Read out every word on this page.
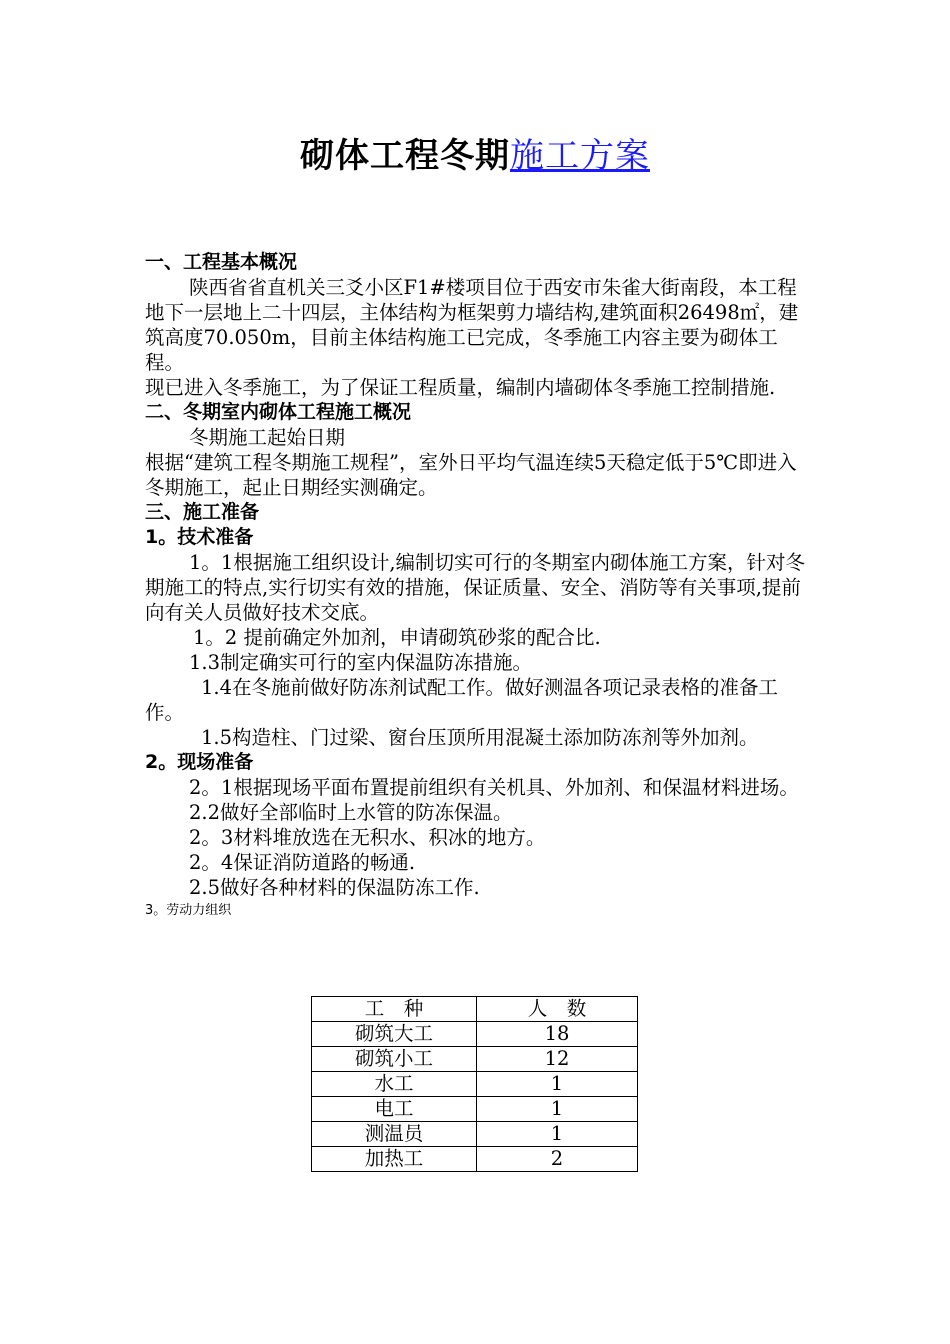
砌体工程冬期施工方案

一、工程基本概况

陕西省省直机关三爻小区F1#楼项目位于西安市朱雀大街南段，本工程地下一层地上二十四层，主体结构为框架剪力墙结构,建筑面积26498㎡，建筑高度70.050m，目前主体结构施工已完成，冬季施工内容主要为砌体工程。

现已进入冬季施工，为了保证工程质量，编制内墙砌体冬季施工控制措施.

二、冬期室内砌体工程施工概况

冬期施工起始日期

根据“建筑工程冬期施工规程”，室外日平均气温连续5天稳定低于5℃即进入冬期施工，起止日期经实测确定。

三、施工准备

1。技术准备

1。1根据施工组织设计,编制切实可行的冬期室内砌体施工方案，针对冬期施工的特点,实行切实有效的措施，保证质量、安全、消防等有关事项,提前向有关人员做好技术交底。

1。2 提前确定外加剂，申请砌筑砂浆的配合比.

1.3制定确实可行的室内保温防冻措施。

1.4在冬施前做好防冻剂试配工作。做好测温各项记录表格的准备工作。

1.5构造柱、门过梁、窗台压顶所用混凝土添加防冻剂等外加剂。

2。现场准备

2。1根据现场平面布置提前组织有关机具、外加剂、和保温材料进场。

2.2做好全部临时上水管的防冻保温。

2。3材料堆放选在无积水、积冰的地方。

2。4保证消防道路的畅通.

2.5做好各种材料的保温防冻工作.

3。劳动力组织

工　种	人　数
砌筑大工	18
砌筑小工	12
水工	1
电工	1
测温员	1
加热工	2
